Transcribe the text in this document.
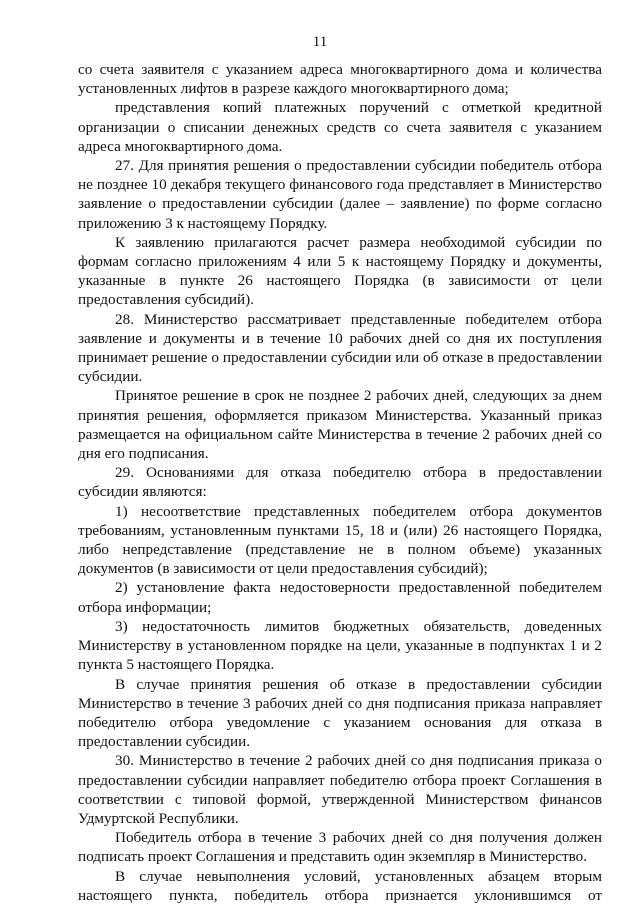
11

со счета заявителя с указанием адреса многоквартирного дома и количества установленных лифтов в разрезе каждого многоквартирного дома;

представления копий платежных поручений с отметкой кредитной организации о списании денежных средств со счета заявителя с указанием адреса многоквартирного дома.

27. Для принятия решения о предоставлении субсидии победитель отбора не позднее 10 декабря текущего финансового года представляет в Министерство заявление о предоставлении субсидии (далее – заявление) по форме согласно приложению 3 к настоящему Порядку.

К заявлению прилагаются расчет размера необходимой субсидии по формам согласно приложениям 4 или 5 к настоящему Порядку и документы, указанные в пункте 26 настоящего Порядка (в зависимости от цели предоставления субсидий).

28. Министерство рассматривает представленные победителем отбора заявление и документы и в течение 10 рабочих дней со дня их поступления принимает решение о предоставлении субсидии или об отказе в предоставлении субсидии.

Принятое решение в срок не позднее 2 рабочих дней, следующих за днем принятия решения, оформляется приказом Министерства. Указанный приказ размещается на официальном сайте Министерства в течение 2 рабочих дней со дня его подписания.

29. Основаниями для отказа победителю отбора в предоставлении субсидии являются:

1) несоответствие представленных победителем отбора документов требованиям, установленным пунктами 15, 18 и (или) 26 настоящего Порядка, либо непредставление (представление не в полном объеме) указанных документов (в зависимости от цели предоставления субсидий);

2) установление факта недостоверности предоставленной победителем отбора информации;

3) недостаточность лимитов бюджетных обязательств, доведенных Министерству в установленном порядке на цели, указанные в подпунктах 1 и 2 пункта 5 настоящего Порядка.

В случае принятия решения об отказе в предоставлении субсидии Министерство в течение 3 рабочих дней со дня подписания приказа направляет победителю отбора уведомление с указанием основания для отказа в предоставлении субсидии.

30. Министерство в течение 2 рабочих дней со дня подписания приказа о предоставлении субсидии направляет победителю отбора проект Соглашения в соответствии с типовой формой, утвержденной Министерством финансов Удмуртской Республики.

Победитель отбора в течение 3 рабочих дней со дня получения должен подписать проект Соглашения и представить один экземпляр в Министерство.

В случае невыполнения условий, установленных абзацем вторым настоящего пункта, победитель отбора признается уклонившимся от
